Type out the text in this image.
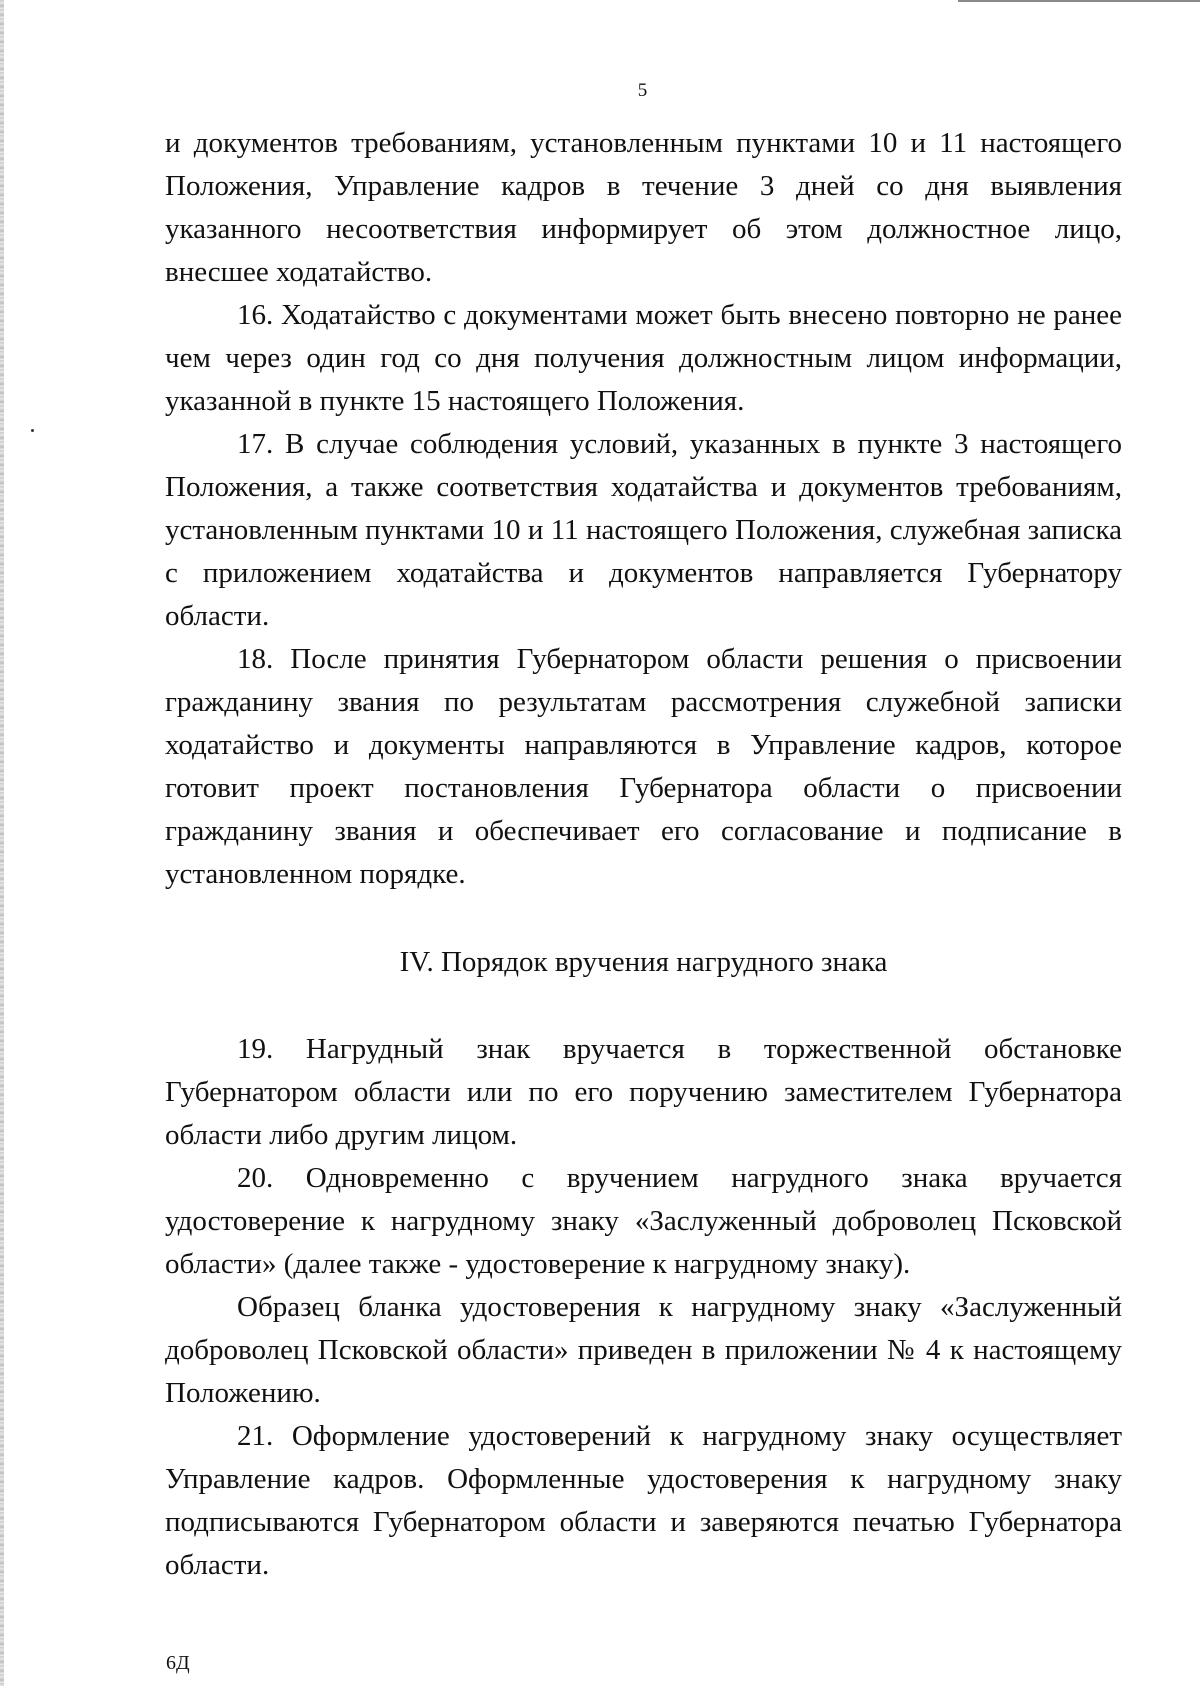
5

и документов требованиям, установленным пунктами 10 и 11 настоящего Положения, Управление кадров в течение 3 дней со дня выявления указанного несоответствия информирует об этом должностное лицо, внесшее ходатайство.

16. Ходатайство с документами может быть внесено повторно не ранее чем через один год со дня получения должностным лицом информации, указанной в пункте 15 настоящего Положения.

17. В случае соблюдения условий, указанных в пункте 3 настоящего Положения, а также соответствия ходатайства и документов требованиям, установленным пунктами 10 и 11 настоящего Положения, служебная записка с приложением ходатайства и документов направляется Губернатору области.

18. После принятия Губернатором области решения о присвоении гражданину звания по результатам рассмотрения служебной записки ходатайство и документы направляются в Управление кадров, которое готовит проект постановления Губернатора области о присвоении гражданину звания и обеспечивает его согласование и подписание в установленном порядке.

IV. Порядок вручения нагрудного знака

19. Нагрудный знак вручается в торжественной обстановке Губернатором области или по его поручению заместителем Губернатора области либо другим лицом.

20. Одновременно с вручением нагрудного знака вручается удостоверение к нагрудному знаку «Заслуженный доброволец Псковской области» (далее также - удостоверение к нагрудному знаку).

Образец бланка удостоверения к нагрудному знаку «Заслуженный доброволец Псковской области» приведен в приложении № 4 к настоящему Положению.

21. Оформление удостоверений к нагрудному знаку осуществляет Управление кадров. Оформленные удостоверения к нагрудному знаку подписываются Губернатором области и заверяются печатью Губернатора области.

6Д
